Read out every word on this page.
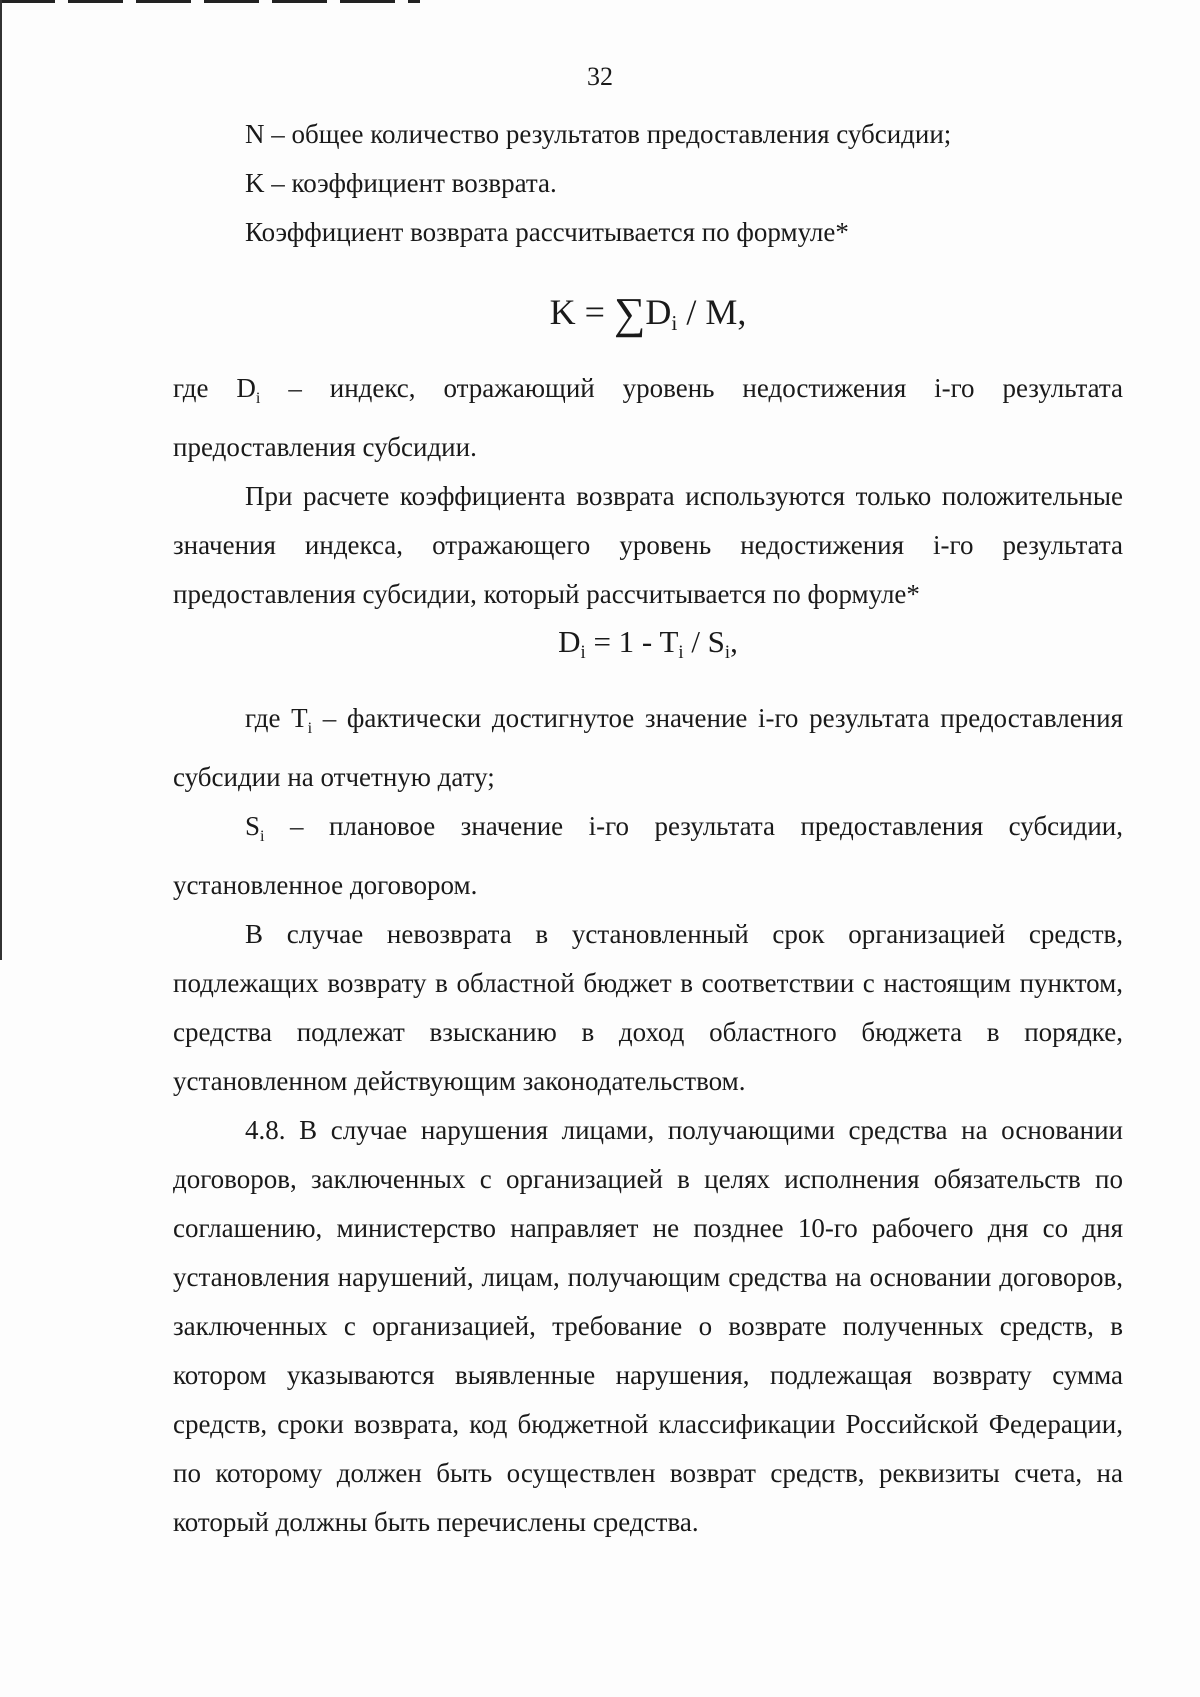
32

N – общее количество результатов предоставления субсидии;

K – коэффициент возврата.

Коэффициент возврата рассчитывается по формуле*

$K = \sum D_i / M$,

где $D_i$ – индекс, отражающий уровень недостижения i-го результата предоставления субсидии.

При расчете коэффициента возврата используются только положительные значения индекса, отражающего уровень недостижения i-го результата предоставления субсидии, который рассчитывается по формуле*

$D_i = 1 - T_i / S_i$,

где $T_i$ – фактически достигнутое значение i-го результата предоставления субсидии на отчетную дату;

$S_i$ – плановое значение i-го результата предоставления субсидии, установленное договором.

В случае невозврата в установленный срок организацией средств, подлежащих возврату в областной бюджет в соответствии с настоящим пунктом, средства подлежат взысканию в доход областного бюджета в порядке, установленном действующим законодательством.

4.8. В случае нарушения лицами, получающими средства на основании договоров, заключенных с организацией в целях исполнения обязательств по соглашению, министерство направляет не позднее 10-го рабочего дня со дня установления нарушений, лицам, получающим средства на основании договоров, заключенных с организацией, требование о возврате полученных средств, в котором указываются выявленные нарушения, подлежащая возврату сумма средств, сроки возврата, код бюджетной классификации Российской Федерации, по которому должен быть осуществлен возврат средств, реквизиты счета, на который должны быть перечислены средства.
